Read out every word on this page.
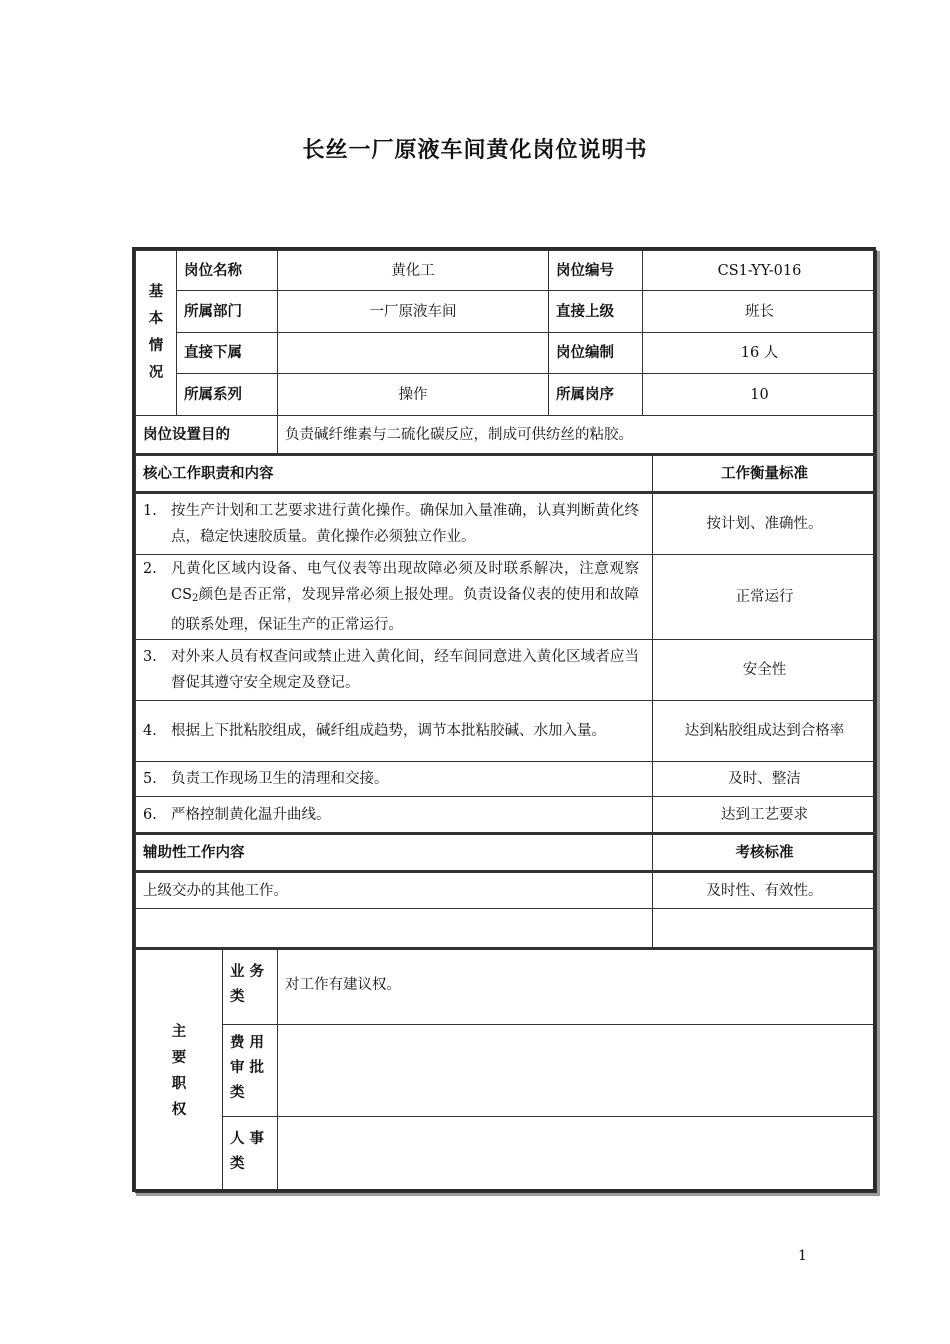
长丝一厂原液车间黄化岗位说明书
基
本
情
况	岗位名称	黄化工	岗位编号	CS1-YY-016
	所属部门	一厂原液车间	直接上级	班长
	直接下属		岗位编制	16 人
	所属系列	操作	所属岗序	10
岗位设置目的		负责碱纤维素与二硫化碳反应，制成可供纺丝的粘胶。		
核心工作职责和内容	工作衡量标准
1. 按生产计划和工艺要求进行黄化操作。确保加入量准确，认真判断黄化终点，稳定快速胶质量。黄化操作必须独立作业。	按计划、准确性。
2. 凡黄化区域内设备、电气仪表等出现故障必须及时联系解决，注意观察$CS_2$颜色是否正常，发现异常必须上报处理。负责设备仪表的使用和故障的联系处理，保证生产的正常运行。	正常运行
3. 对外来人员有权查问或禁止进入黄化间，经车间同意进入黄化区域者应当督促其遵守安全规定及登记。	安全性
4. 根据上下批粘胶组成，碱纤组成趋势，调节本批粘胶碱、水加入量。	达到粘胶组成达到合格率
5. 负责工作现场卫生的清理和交接。	及时、整洁
6. 严格控制黄化温升曲线。	达到工艺要求
辅助性工作内容	考核标准
上级交办的其他工作。	及时性、有效性。

主
要
职
权	业 务 类	对工作有建议权。
	费 用 审 批 类	
	人 事 类	
1
